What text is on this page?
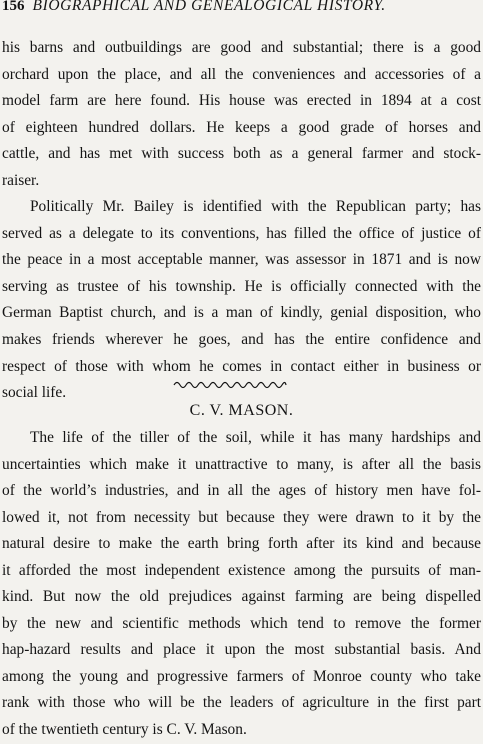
156 BIOGRAPHICAL AND GENEALOGICAL HISTORY.
his barns and outbuildings are good and substantial; there is a good
orchard upon the place, and all the conveniences and accessories of a
model farm are here found. His house was erected in 1894 at a cost
of eighteen hundred dollars. He keeps a good grade of horses and
cattle, and has met with success both as a general farmer and stock-
raiser.
Politically Mr. Bailey is identified with the Republican party; has
served as a delegate to its conventions, has filled the office of justice of
the peace in a most acceptable manner, was assessor in 1871 and is now
serving as trustee of his township. He is officially connected with the
German Baptist church, and is a man of kindly, genial disposition, who
makes friends wherever he goes, and has the entire confidence and
respect of those with whom he comes in contact either in business or
social life.
C. V. MASON.
The life of the tiller of the soil, while it has many hardships and
uncertainties which make it unattractive to many, is after all the basis
of the world’s industries, and in all the ages of history men have fol-
lowed it, not from necessity but because they were drawn to it by the
natural desire to make the earth bring forth after its kind and because
it afforded the most independent existence among the pursuits of man-
kind. But now the old prejudices against farming are being dispelled
by the new and scientific methods which tend to remove the former
hap-hazard results and place it upon the most substantial basis. And
among the young and progressive farmers of Monroe county who take
rank with those who will be the leaders of agriculture in the first part
of the twentieth century is C. V. Mason.
